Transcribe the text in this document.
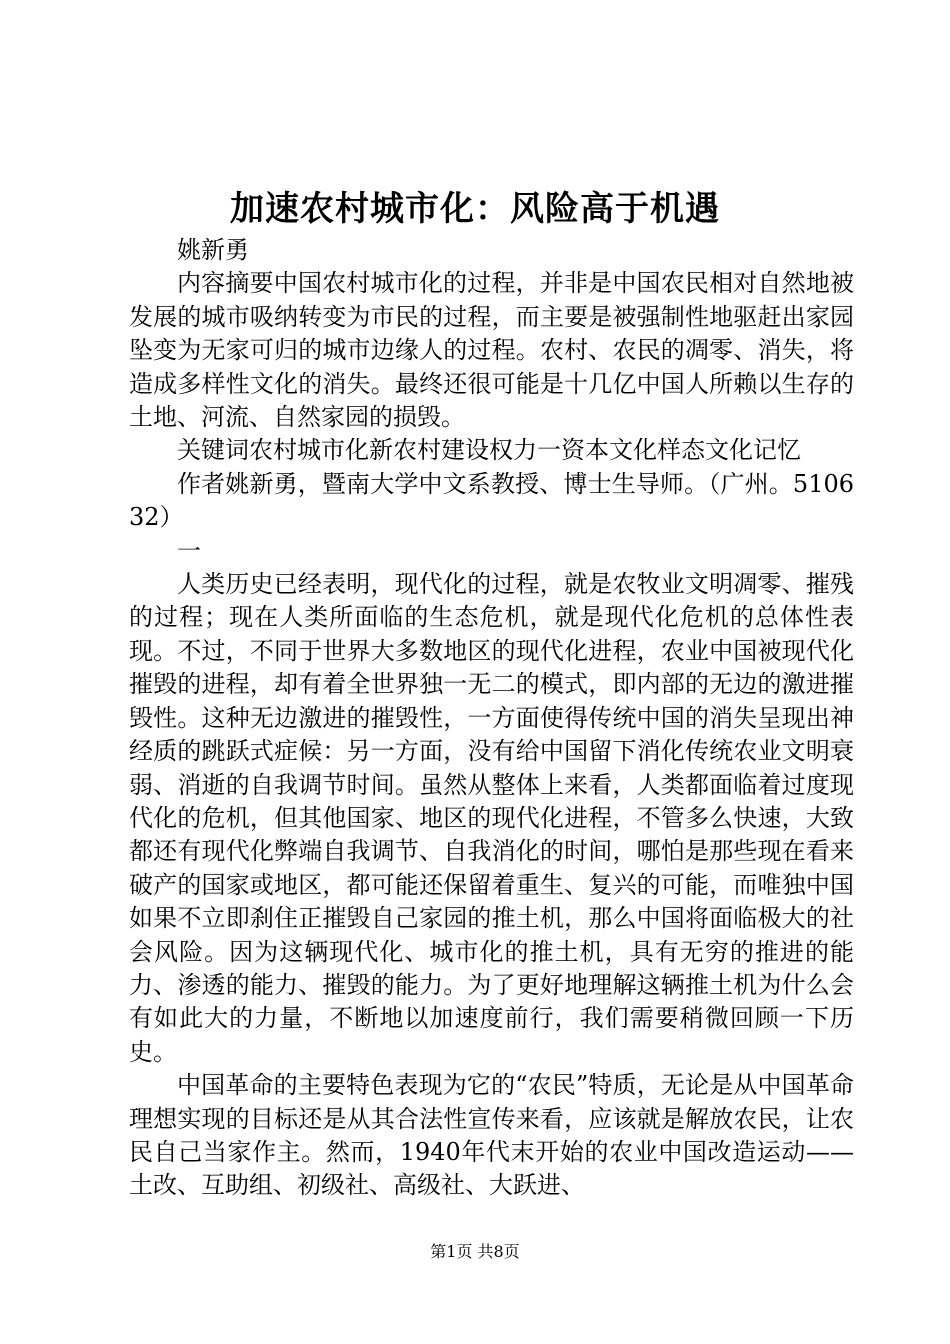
加速农村城市化：风险高于机遇

姚新勇

内容摘要中国农村城市化的过程，并非是中国农民相对自然地被发展的城市吸纳转变为市民的过程，而主要是被强制性地驱赶出家园坠变为无家可归的城市边缘人的过程。农村、农民的凋零、消失，将造成多样性文化的消失。最终还很可能是十几亿中国人所赖以生存的土地、河流、自然家园的损毁。

关键词农村城市化新农村建设权力一资本文化样态文化记忆

作者姚新勇，暨南大学中文系教授、博士生导师。（广州。510632）

一

人类历史已经表明，现代化的过程，就是农牧业文明凋零、摧残的过程；现在人类所面临的生态危机，就是现代化危机的总体性表现。不过，不同于世界大多数地区的现代化进程，农业中国被现代化摧毁的进程，却有着全世界独一无二的模式，即内部的无边的激进摧毁性。这种无边激进的摧毁性，一方面使得传统中国的消失呈现出神经质的跳跃式症候：另一方面，没有给中国留下消化传统农业文明衰弱、消逝的自我调节时间。虽然从整体上来看，人类都面临着过度现代化的危机，但其他国家、地区的现代化进程，不管多么快速，大致都还有现代化弊端自我调节、自我消化的时间，哪怕是那些现在看来破产的国家或地区，都可能还保留着重生、复兴的可能，而唯独中国如果不立即刹住正摧毁自己家园的推土机，那么中国将面临极大的社会风险。因为这辆现代化、城市化的推土机，具有无穷的推进的能力、渗透的能力、摧毁的能力。为了更好地理解这辆推土机为什么会有如此大的力量，不断地以加速度前行，我们需要稍微回顾一下历史。

中国革命的主要特色表现为它的“农民”特质，无论是从中国革命理想实现的目标还是从其合法性宣传来看，应该就是解放农民，让农民自己当家作主。然而，1940年代末开始的农业中国改造运动——土改、互助组、初级社、高级社、大跃进、

第1页 共8页
